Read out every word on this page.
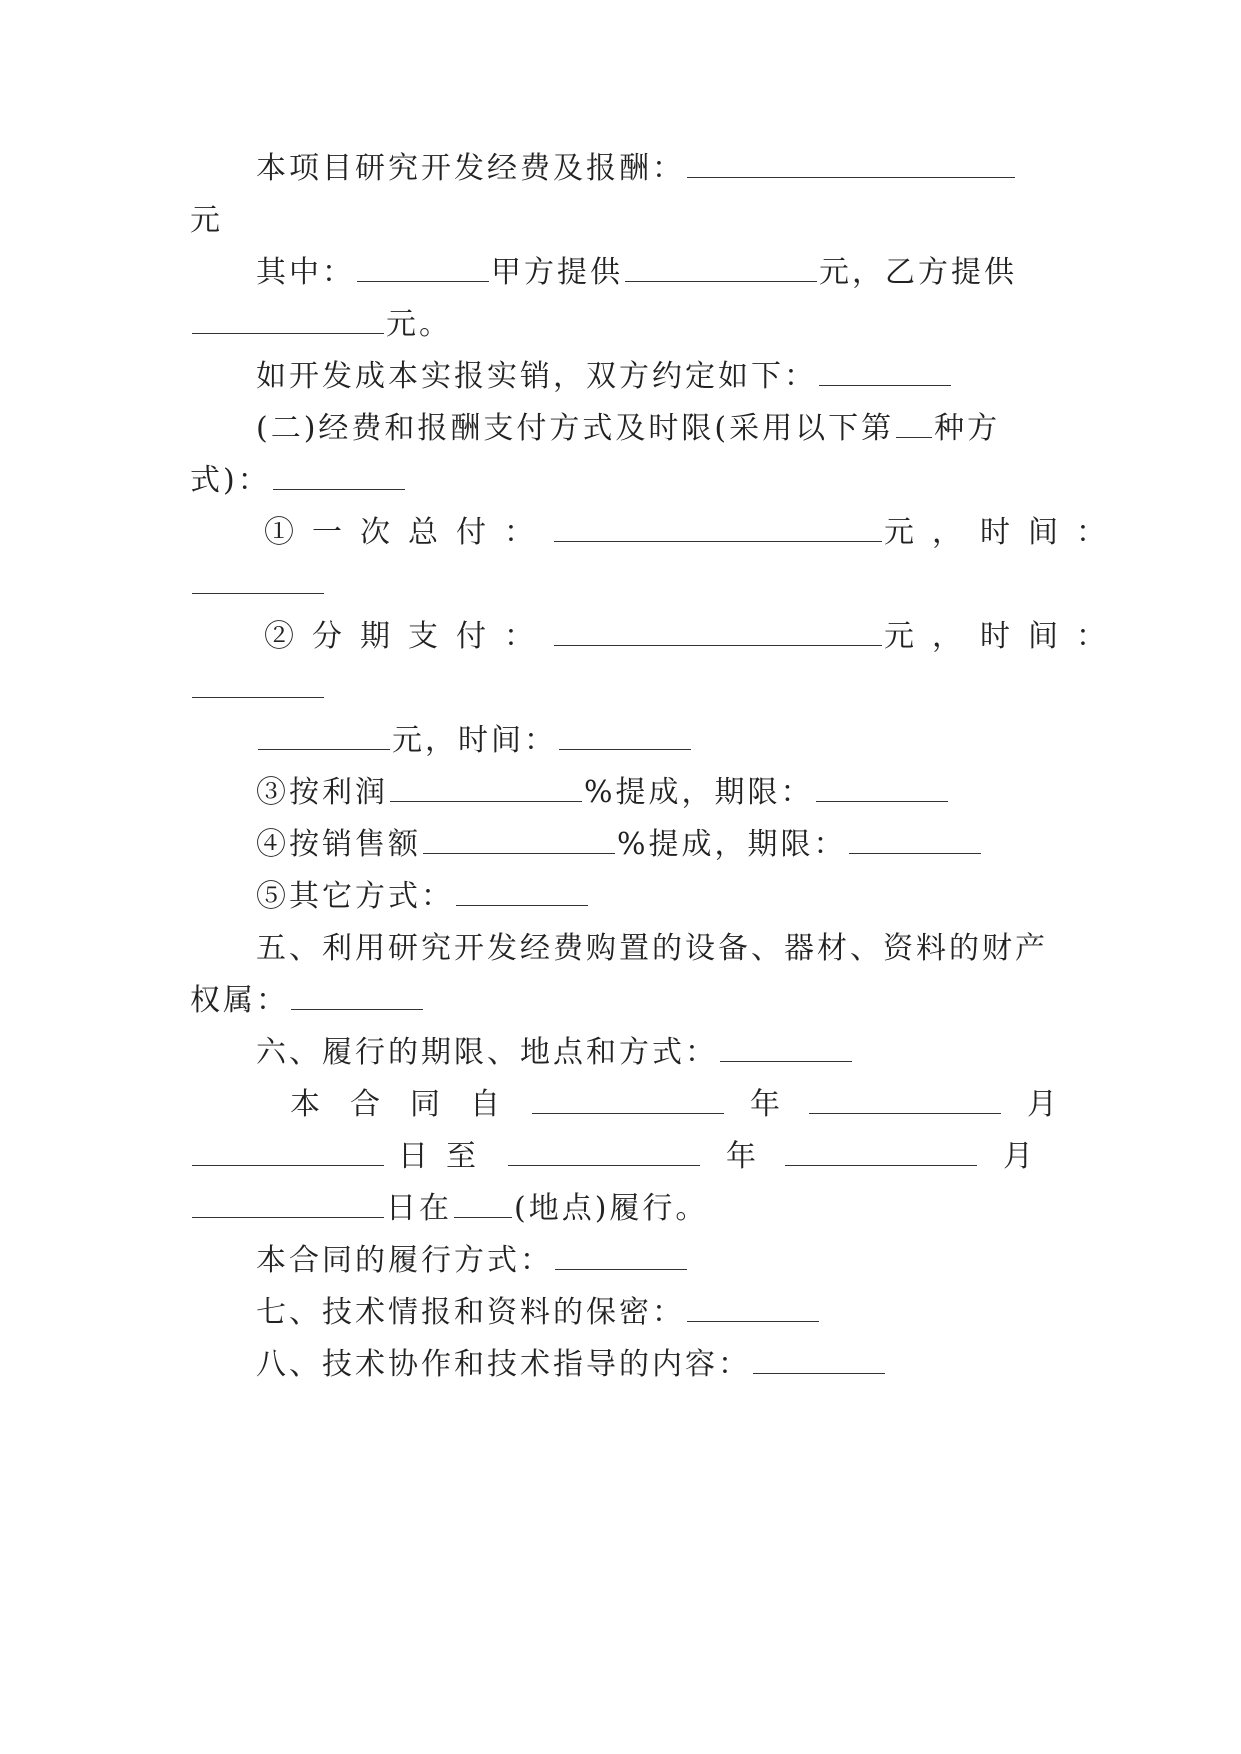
本项目研究开发经费及报酬：
元
其中：	甲方提供	元，乙方提供
元。
如开发成本实报实销，双方约定如下：
(二)经费和报酬支付方式及时限(采用以下第 种方
式)：
①一次总付：	元，时间：
②分期支付：	元，时间：
元，时间：
③按利润	%提成，期限：
④按销售额	%提成，期限：
⑤其它方式：
五、利用研究开发经费购置的设备、器材、资料的财产
权属：
六、履行的期限、地点和方式：
本合同自	年	月
日至	年	月
日在 (地点)履行。
本合同的履行方式：
七、技术情报和资料的保密：
八、技术协作和技术指导的内容：
